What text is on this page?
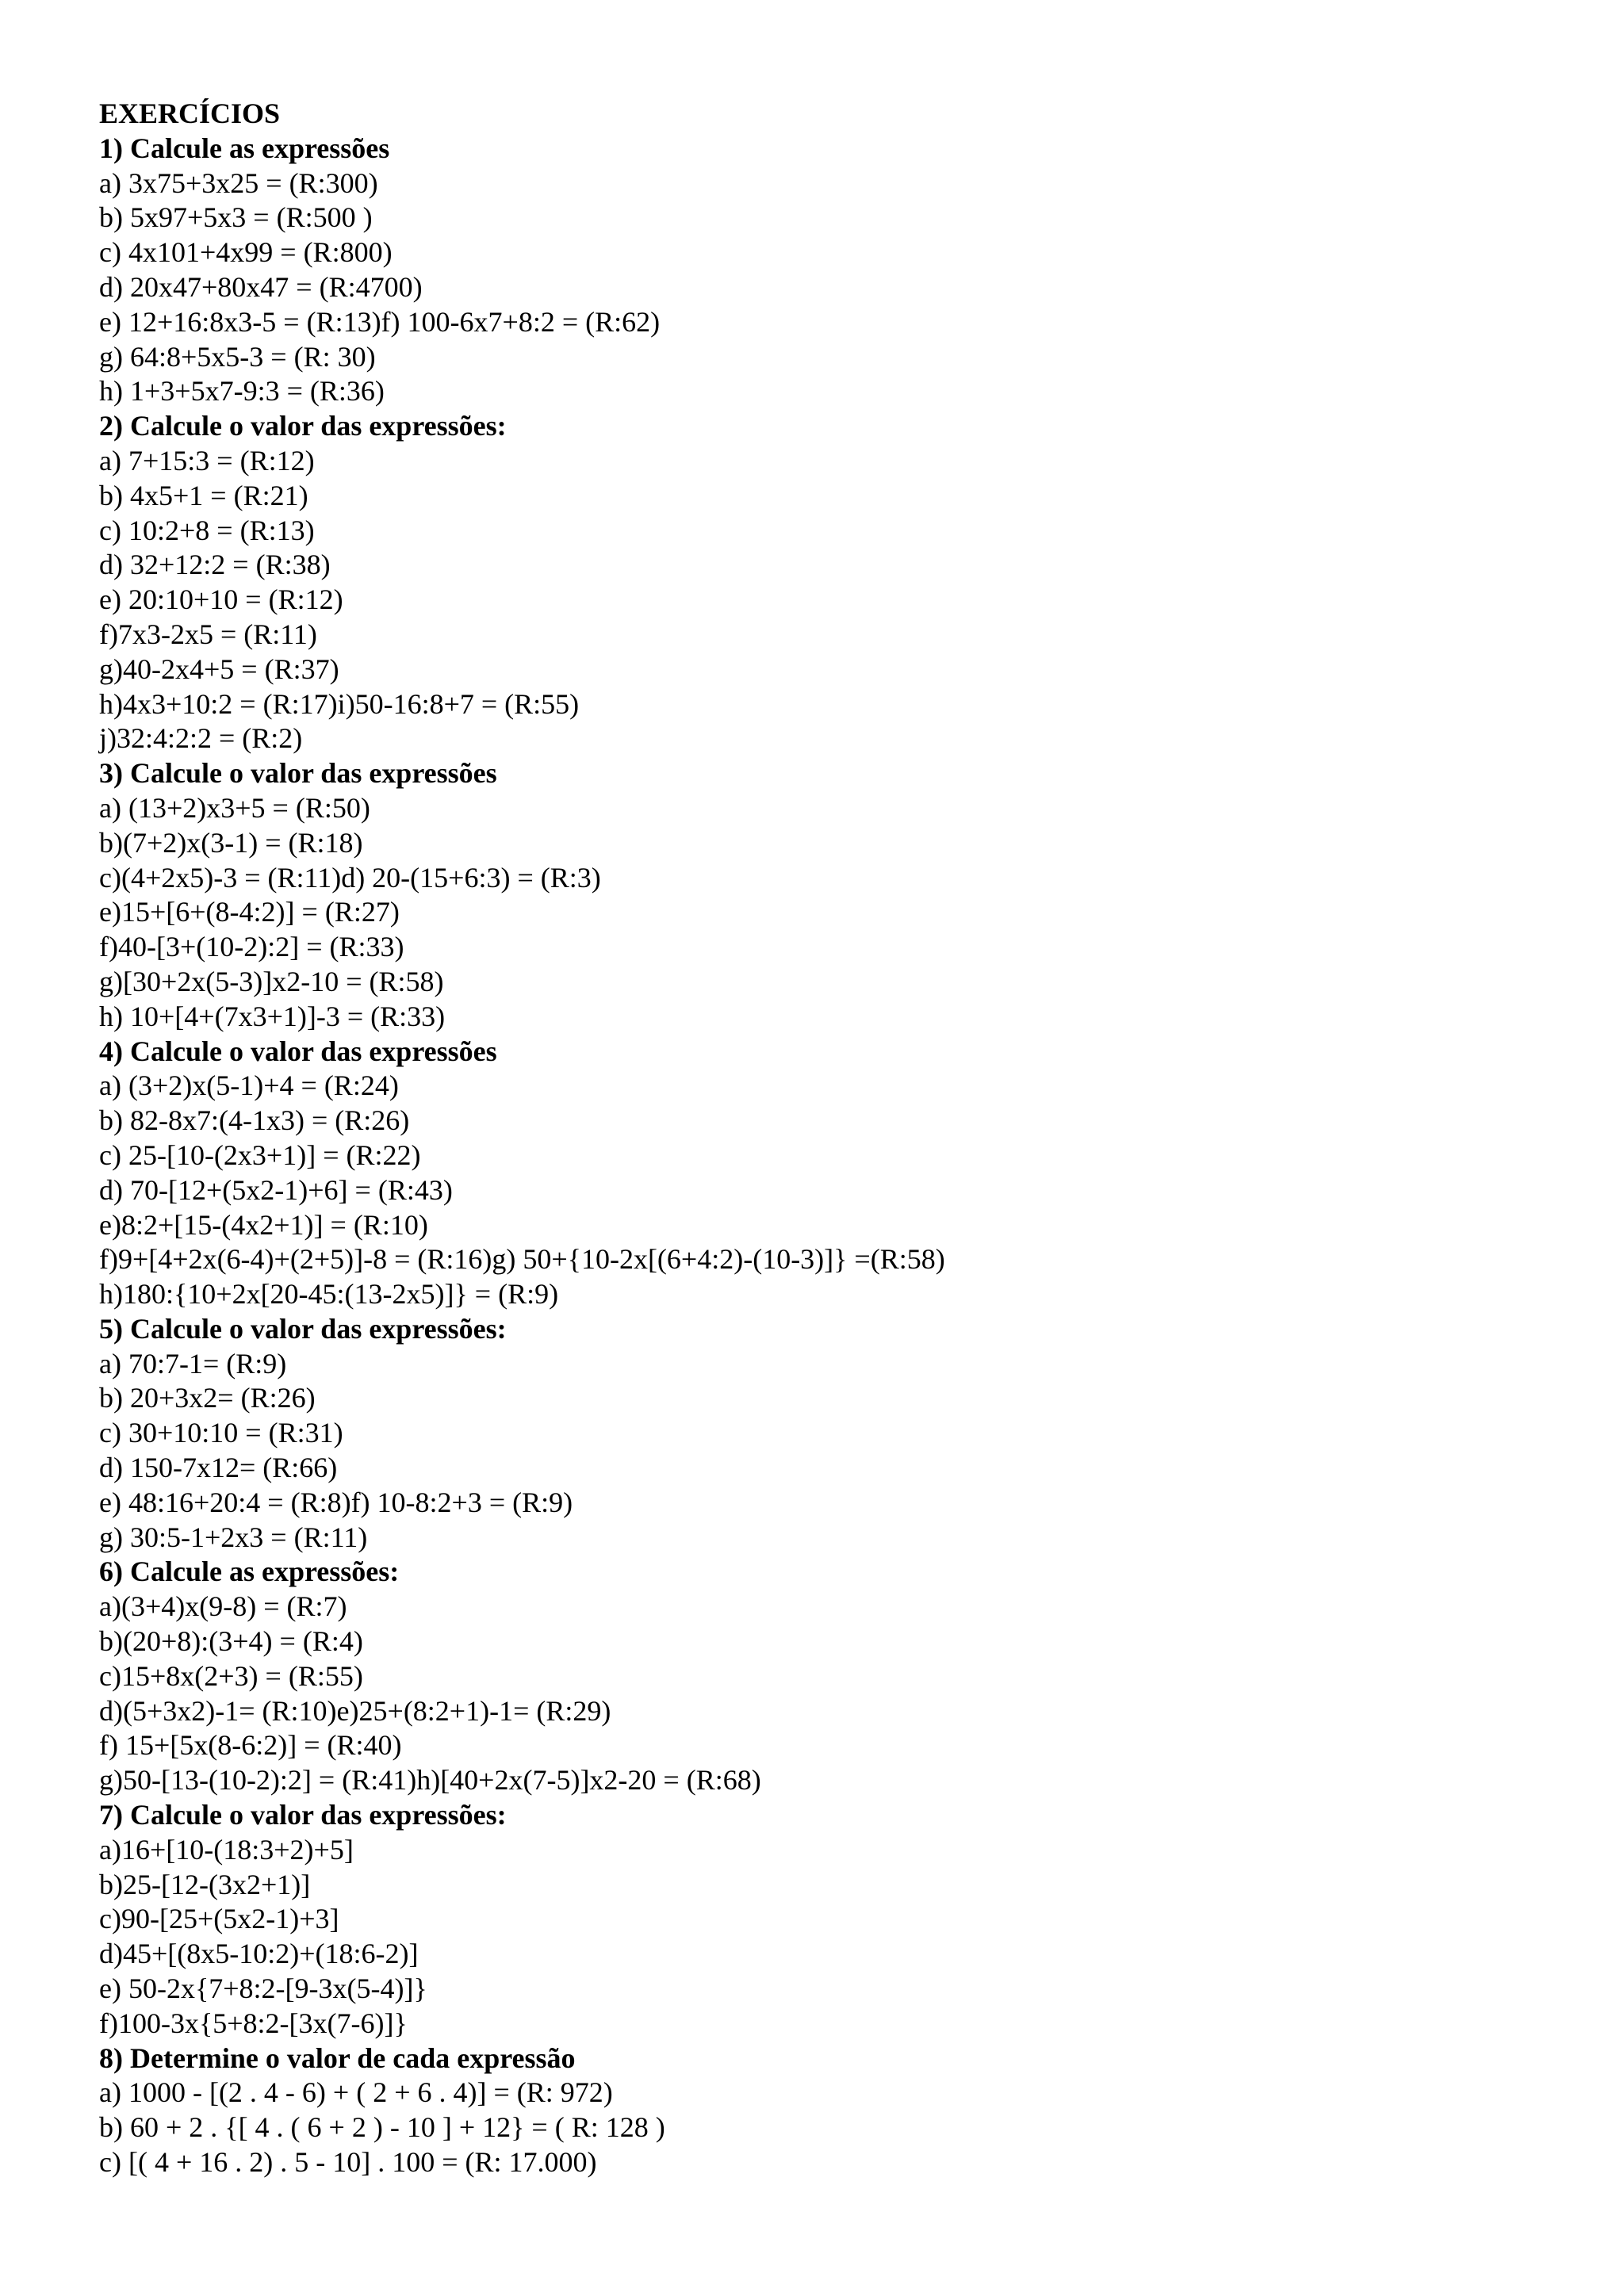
EXERCÍCIOS
1) Calcule as expressões
a) 3x75+3x25 = (R:300)
b) 5x97+5x3 = (R:500 )
c) 4x101+4x99 = (R:800)
d) 20x47+80x47 = (R:4700)
e) 12+16:8x3-5 = (R:13)f) 100-6x7+8:2 = (R:62)
g) 64:8+5x5-3 = (R: 30)
h) 1+3+5x7-9:3 = (R:36)
2) Calcule o valor das expressões:
a) 7+15:3 = (R:12)
b) 4x5+1 = (R:21)
c) 10:2+8 = (R:13)
d) 32+12:2 = (R:38)
e) 20:10+10 = (R:12)
f)7x3-2x5 = (R:11)
g)40-2x4+5 = (R:37)
h)4x3+10:2 = (R:17)i)50-16:8+7 = (R:55)
j)32:4:2:2 = (R:2)
3) Calcule o valor das expressões
a) (13+2)x3+5 = (R:50)
b)(7+2)x(3-1) = (R:18)
c)(4+2x5)-3 = (R:11)d) 20-(15+6:3) = (R:3)
e)15+[6+(8-4:2)] = (R:27)
f)40-[3+(10-2):2] = (R:33)
g)[30+2x(5-3)]x2-10 = (R:58)
h) 10+[4+(7x3+1)]-3 = (R:33)
4) Calcule o valor das expressões
a) (3+2)x(5-1)+4 = (R:24)
b) 82-8x7:(4-1x3) = (R:26)
c) 25-[10-(2x3+1)] = (R:22)
d) 70-[12+(5x2-1)+6] = (R:43)
e)8:2+[15-(4x2+1)] = (R:10)
f)9+[4+2x(6-4)+(2+5)]-8 = (R:16)g) 50+{10-2x[(6+4:2)-(10-3)]} =(R:58)
h)180:{10+2x[20-45:(13-2x5)]} = (R:9)
5) Calcule o valor das expressões:
a) 70:7-1= (R:9)
b) 20+3x2= (R:26)
c) 30+10:10 = (R:31)
d) 150-7x12= (R:66)
e) 48:16+20:4 = (R:8)f) 10-8:2+3 = (R:9)
g) 30:5-1+2x3 = (R:11)
6) Calcule as expressões:
a)(3+4)x(9-8) = (R:7)
b)(20+8):(3+4) = (R:4)
c)15+8x(2+3) = (R:55)
d)(5+3x2)-1= (R:10)e)25+(8:2+1)-1= (R:29)
f) 15+[5x(8-6:2)] = (R:40)
g)50-[13-(10-2):2] = (R:41)h)[40+2x(7-5)]x2-20 = (R:68)
7) Calcule o valor das expressões:
a)16+[10-(18:3+2)+5]
b)25-[12-(3x2+1)]
c)90-[25+(5x2-1)+3]
d)45+[(8x5-10:2)+(18:6-2)]
e) 50-2x{7+8:2-[9-3x(5-4)]}
f)100-3x{5+8:2-[3x(7-6)]}
8) Determine o valor de cada expressão
a) 1000 - [(2 . 4 - 6) + ( 2 + 6 . 4)] = (R: 972)
b) 60 + 2 . {[ 4 . ( 6 + 2 ) - 10 ] + 12} = ( R: 128 )
c) [( 4 + 16 . 2) . 5 - 10] . 100 = (R: 17.000)
